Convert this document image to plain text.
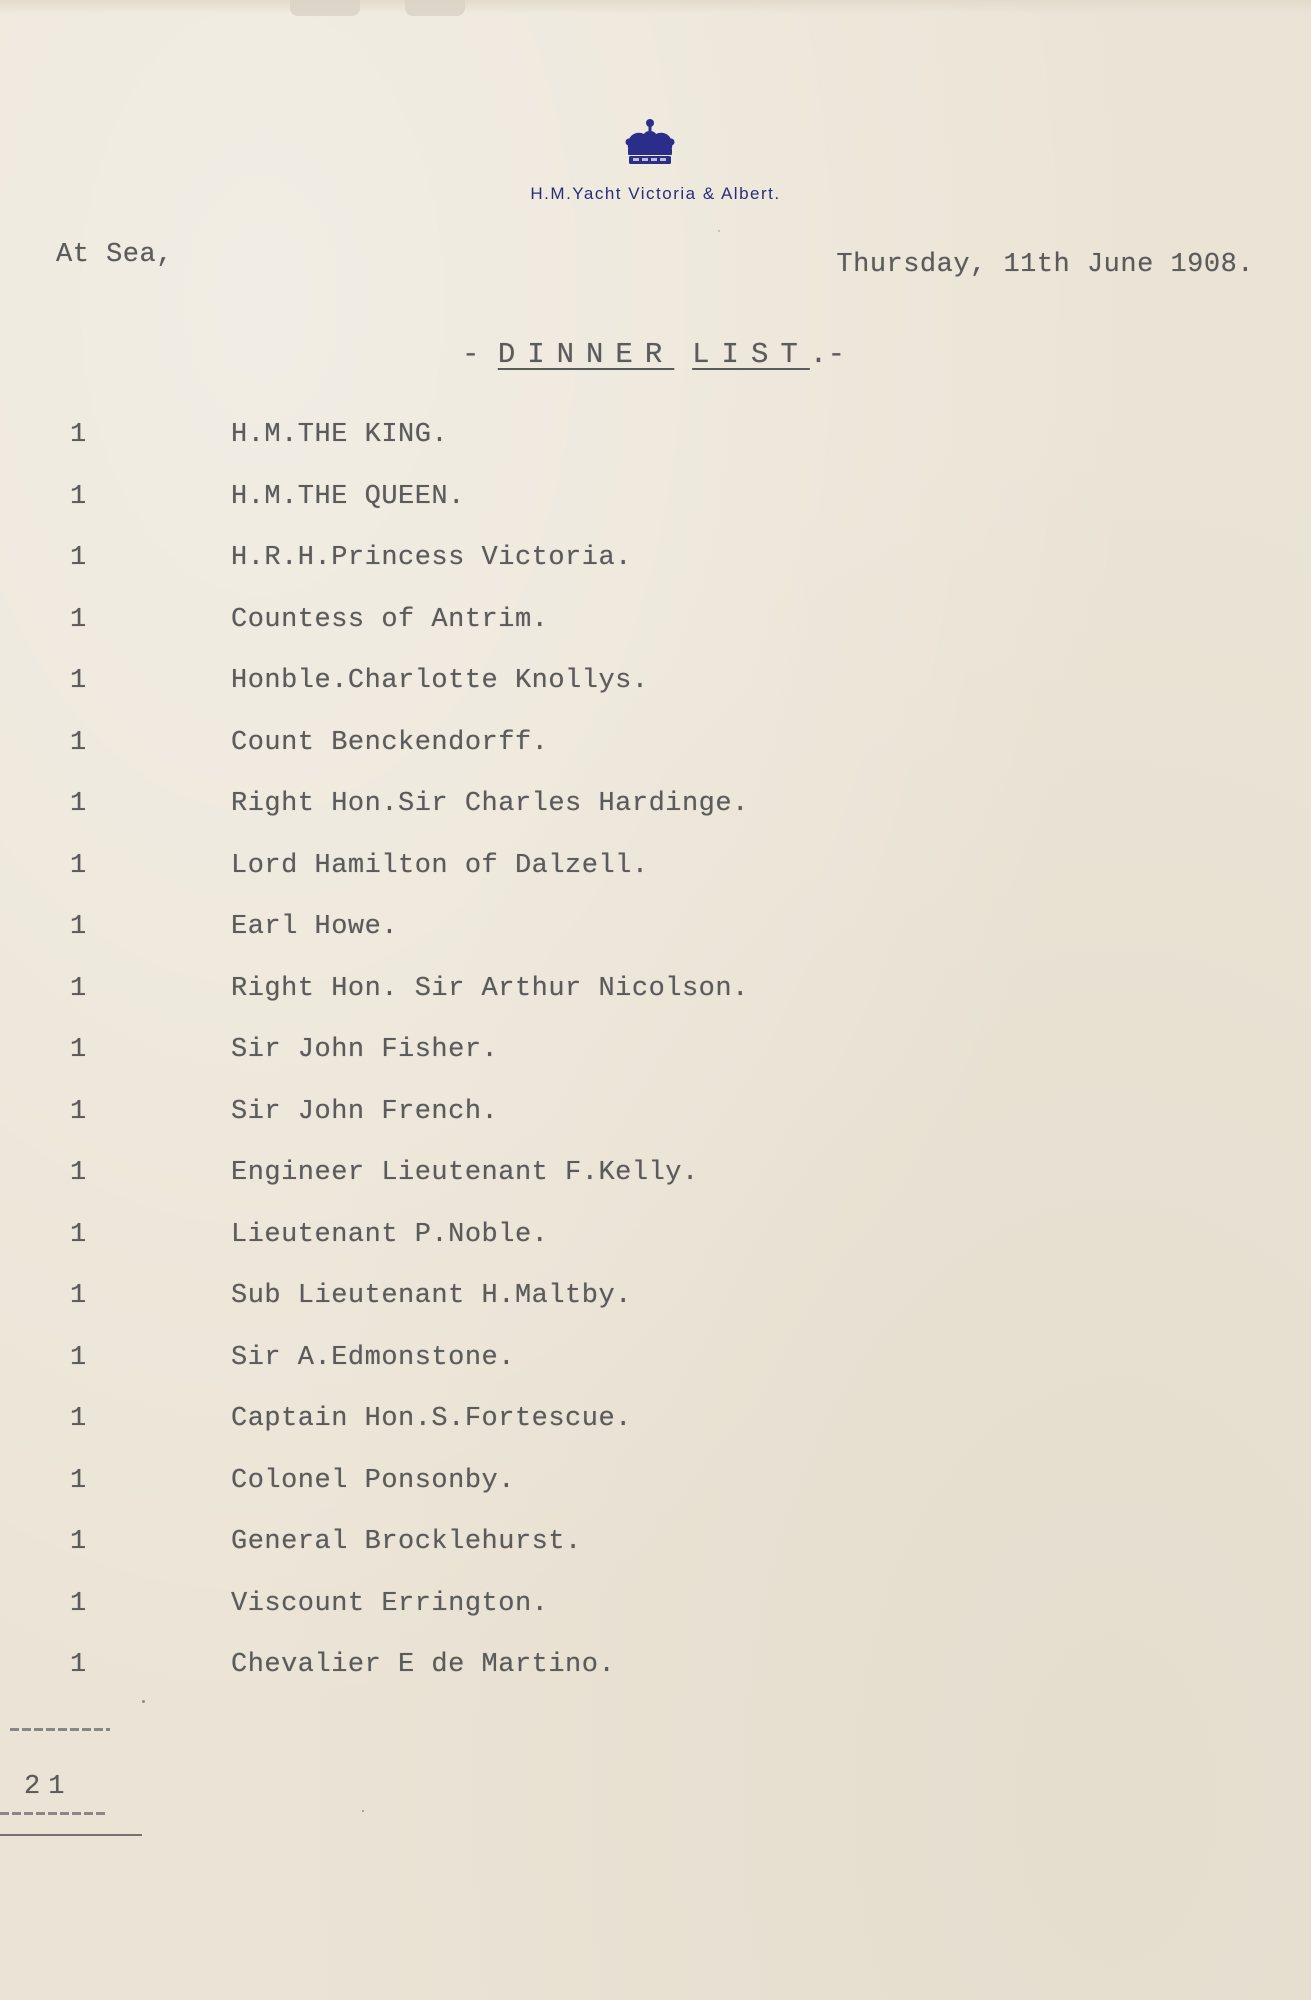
H.M.Yacht Victoria & Albert.
At Sea,	Thursday, 11th June 1908.
- DINNER LIST.-
1	H.M.THE KING.
1	H.M.THE QUEEN.
1	H.R.H.Princess Victoria.
1	Countess of Antrim.
1	Honble.Charlotte Knollys.
1	Count Benckendorff.
1	Right Hon.Sir Charles Hardinge.
1	Lord Hamilton of Dalzell.
1	Earl Howe.
1	Right Hon. Sir Arthur Nicolson.
1	Sir John Fisher.
1	Sir John French.
1	Engineer Lieutenant F.Kelly.
1	Lieutenant P.Noble.
1	Sub Lieutenant H.Maltby.
1	Sir A.Edmonstone.
1	Captain Hon.S.Fortescue.
1	Colonel Ponsonby.
1	General Brocklehurst.
1	Viscount Errington.
1	Chevalier E de Martino.
21
